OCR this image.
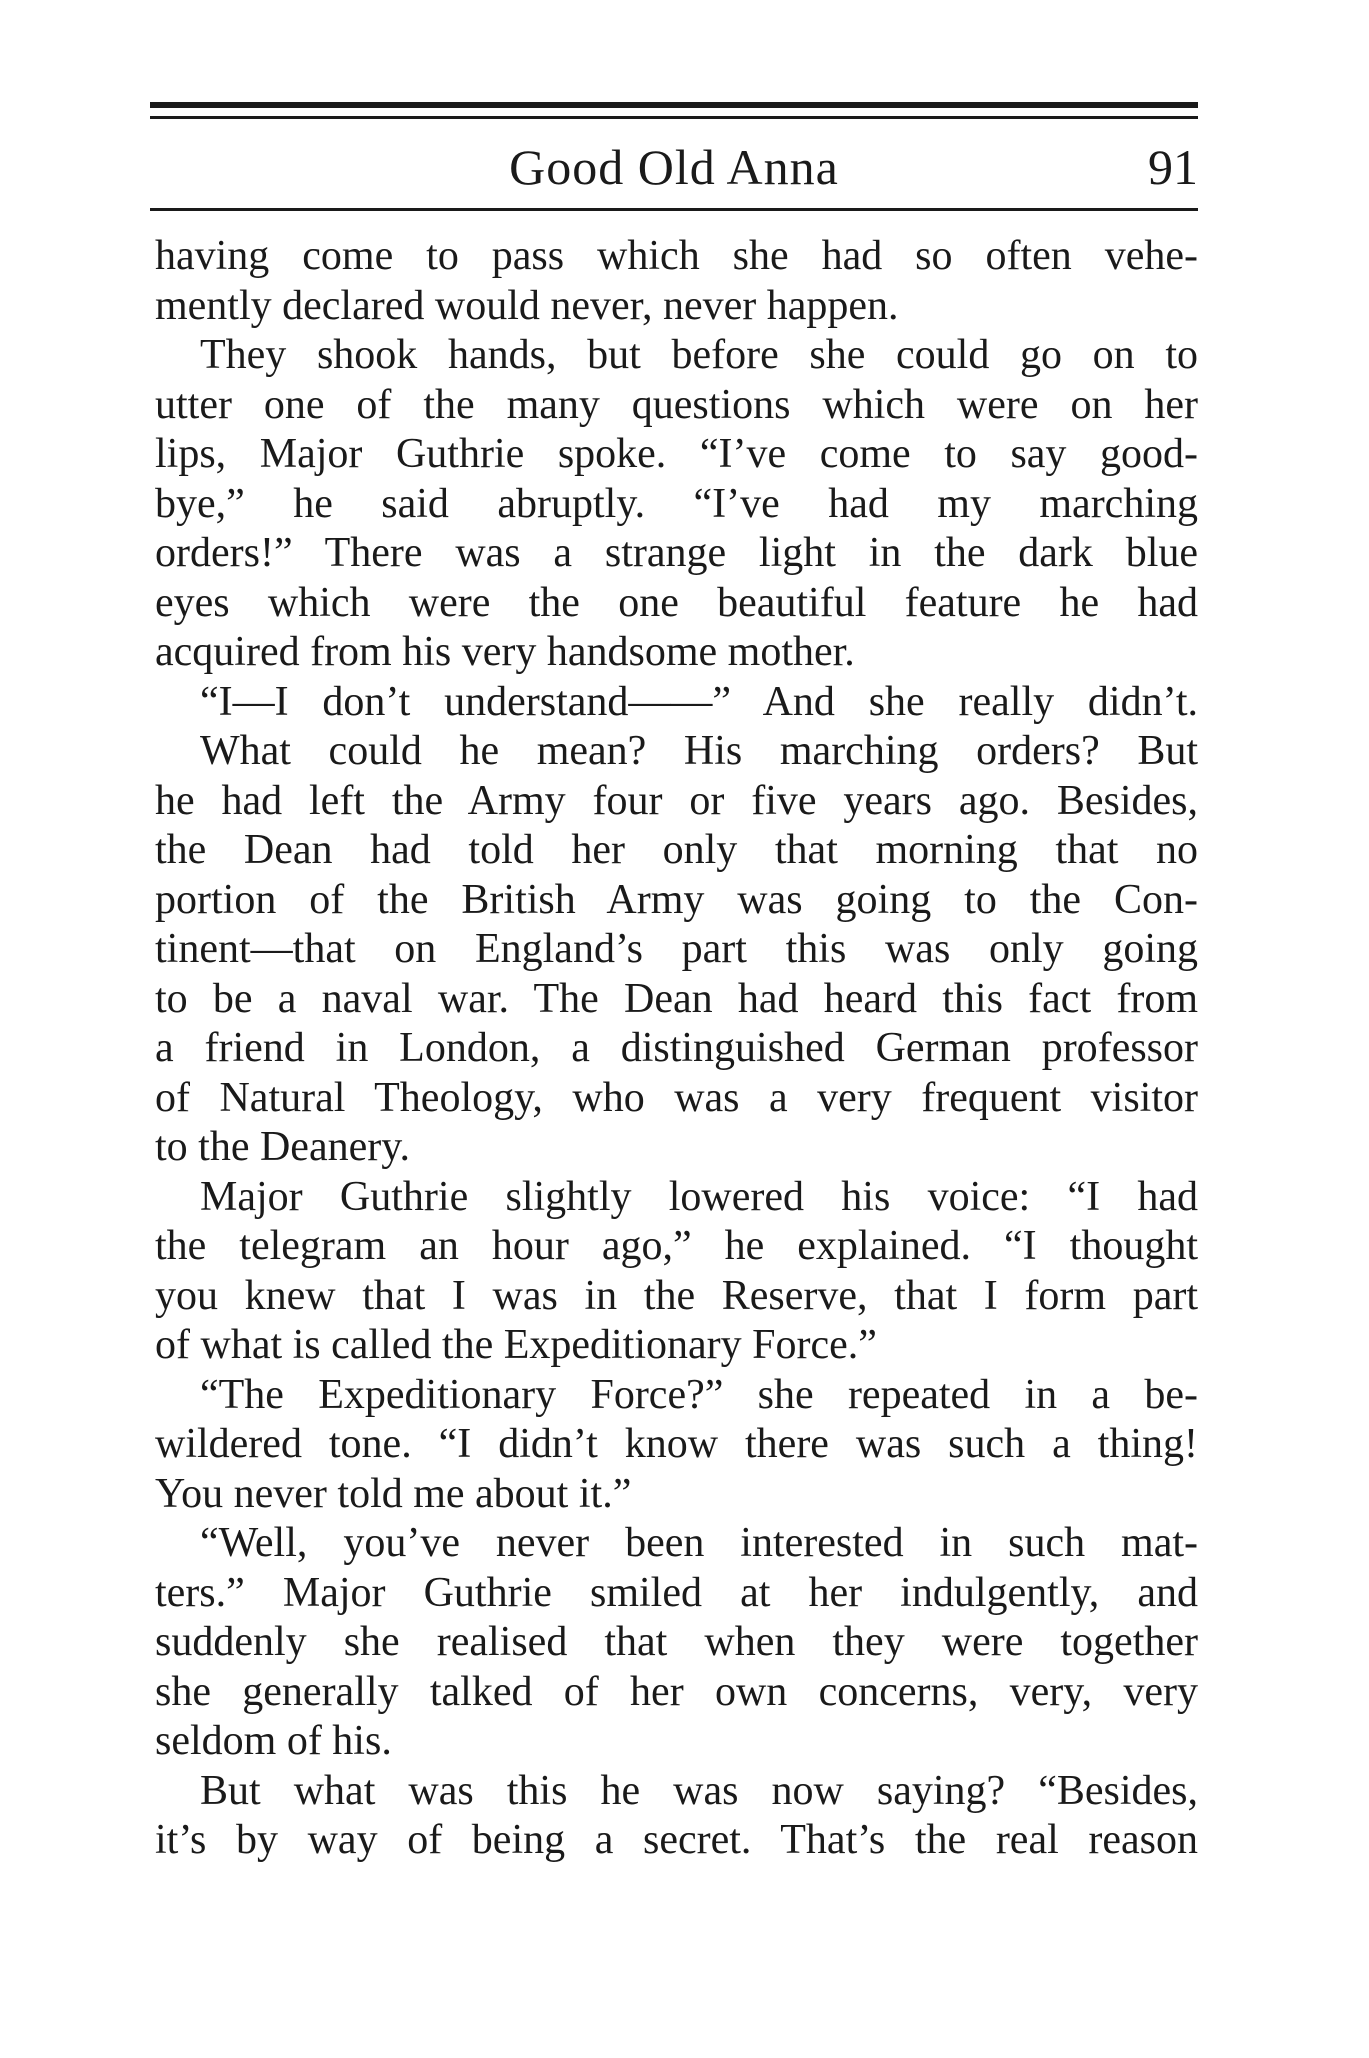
Good Old Anna	91

having come to pass which she had so often vehe-
mently declared would never, never happen.

They shook hands, but before she could go on to
utter one of the many questions which were on her
lips, Major Guthrie spoke. “I’ve come to say good-
bye,” he said abruptly. “I’ve had my marching
orders!” There was a strange light in the dark blue
eyes which were the one beautiful feature he had
acquired from his very handsome mother.

“I—I don’t understand——” And she really didn’t.

What could he mean? His marching orders? But
he had left the Army four or five years ago. Besides,
the Dean had told her only that morning that no
portion of the British Army was going to the Con-
tinent—that on England’s part this was only going
to be a naval war. The Dean had heard this fact from
a friend in London, a distinguished German professor
of Natural Theology, who was a very frequent visitor
to the Deanery.

Major Guthrie slightly lowered his voice: “I had
the telegram an hour ago,” he explained. “I thought
you knew that I was in the Reserve, that I form part
of what is called the Expeditionary Force.”

“The Expeditionary Force?” she repeated in a be-
wildered tone. “I didn’t know there was such a thing!
You never told me about it.”

“Well, you’ve never been interested in such mat-
ters.” Major Guthrie smiled at her indulgently, and
suddenly she realised that when they were together
she generally talked of her own concerns, very, very
seldom of his.

But what was this he was now saying? “Besides,
it’s by way of being a secret. That’s the real reason
